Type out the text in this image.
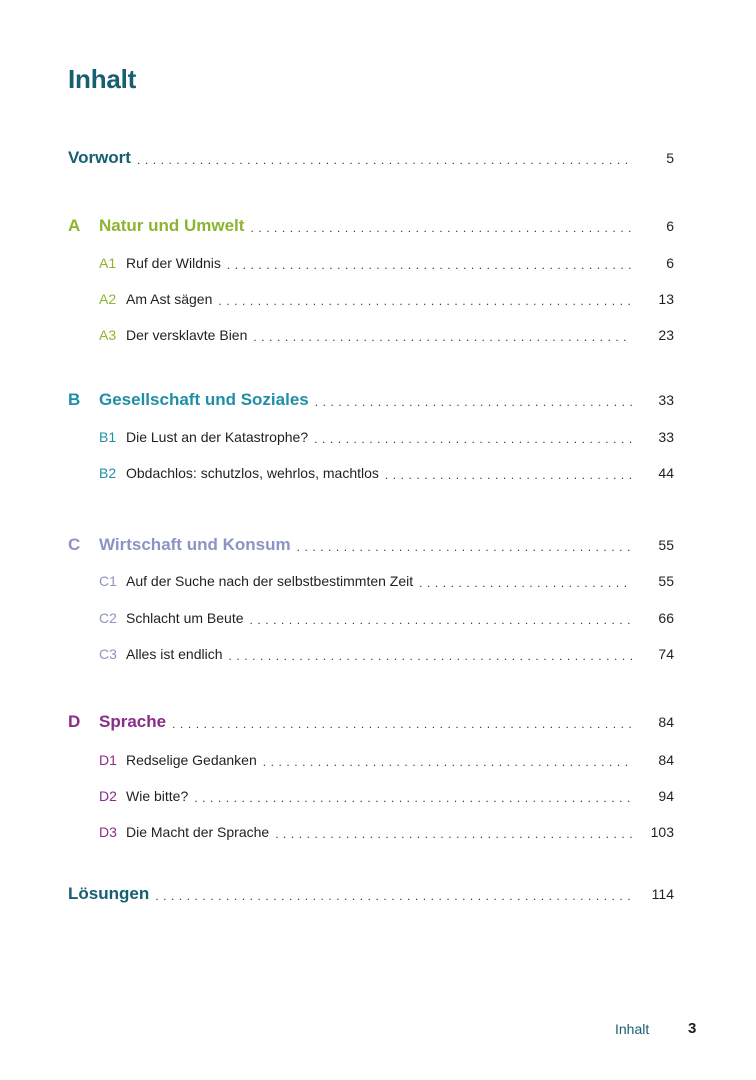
Inhalt
Vorwort . . .	5
A	Natur und Umwelt . . .	6
A1 Ruf der Wildnis . . .	6
A2 Am Ast sägen . . .	13
A3 Der versklavte Bien . . .	23
B	Gesellschaft und Soziales . . .	33
B1 Die Lust an der Katastrophe? . . .	33
B2 Obdachlos: schutzlos, wehrlos, machtlos . . .	44
C	Wirtschaft und Konsum . . .	55
C1 Auf der Suche nach der selbstbestimmten Zeit . . .	55
C2 Schlacht um Beute . . .	66
C3 Alles ist endlich . . .	74
D	Sprache . . .	84
D1 Redselige Gedanken . . .	84
D2 Wie bitte? . . .	94
D3 Die Macht der Sprache . . .	103
Lösungen . . .	114
Inhalt	3
